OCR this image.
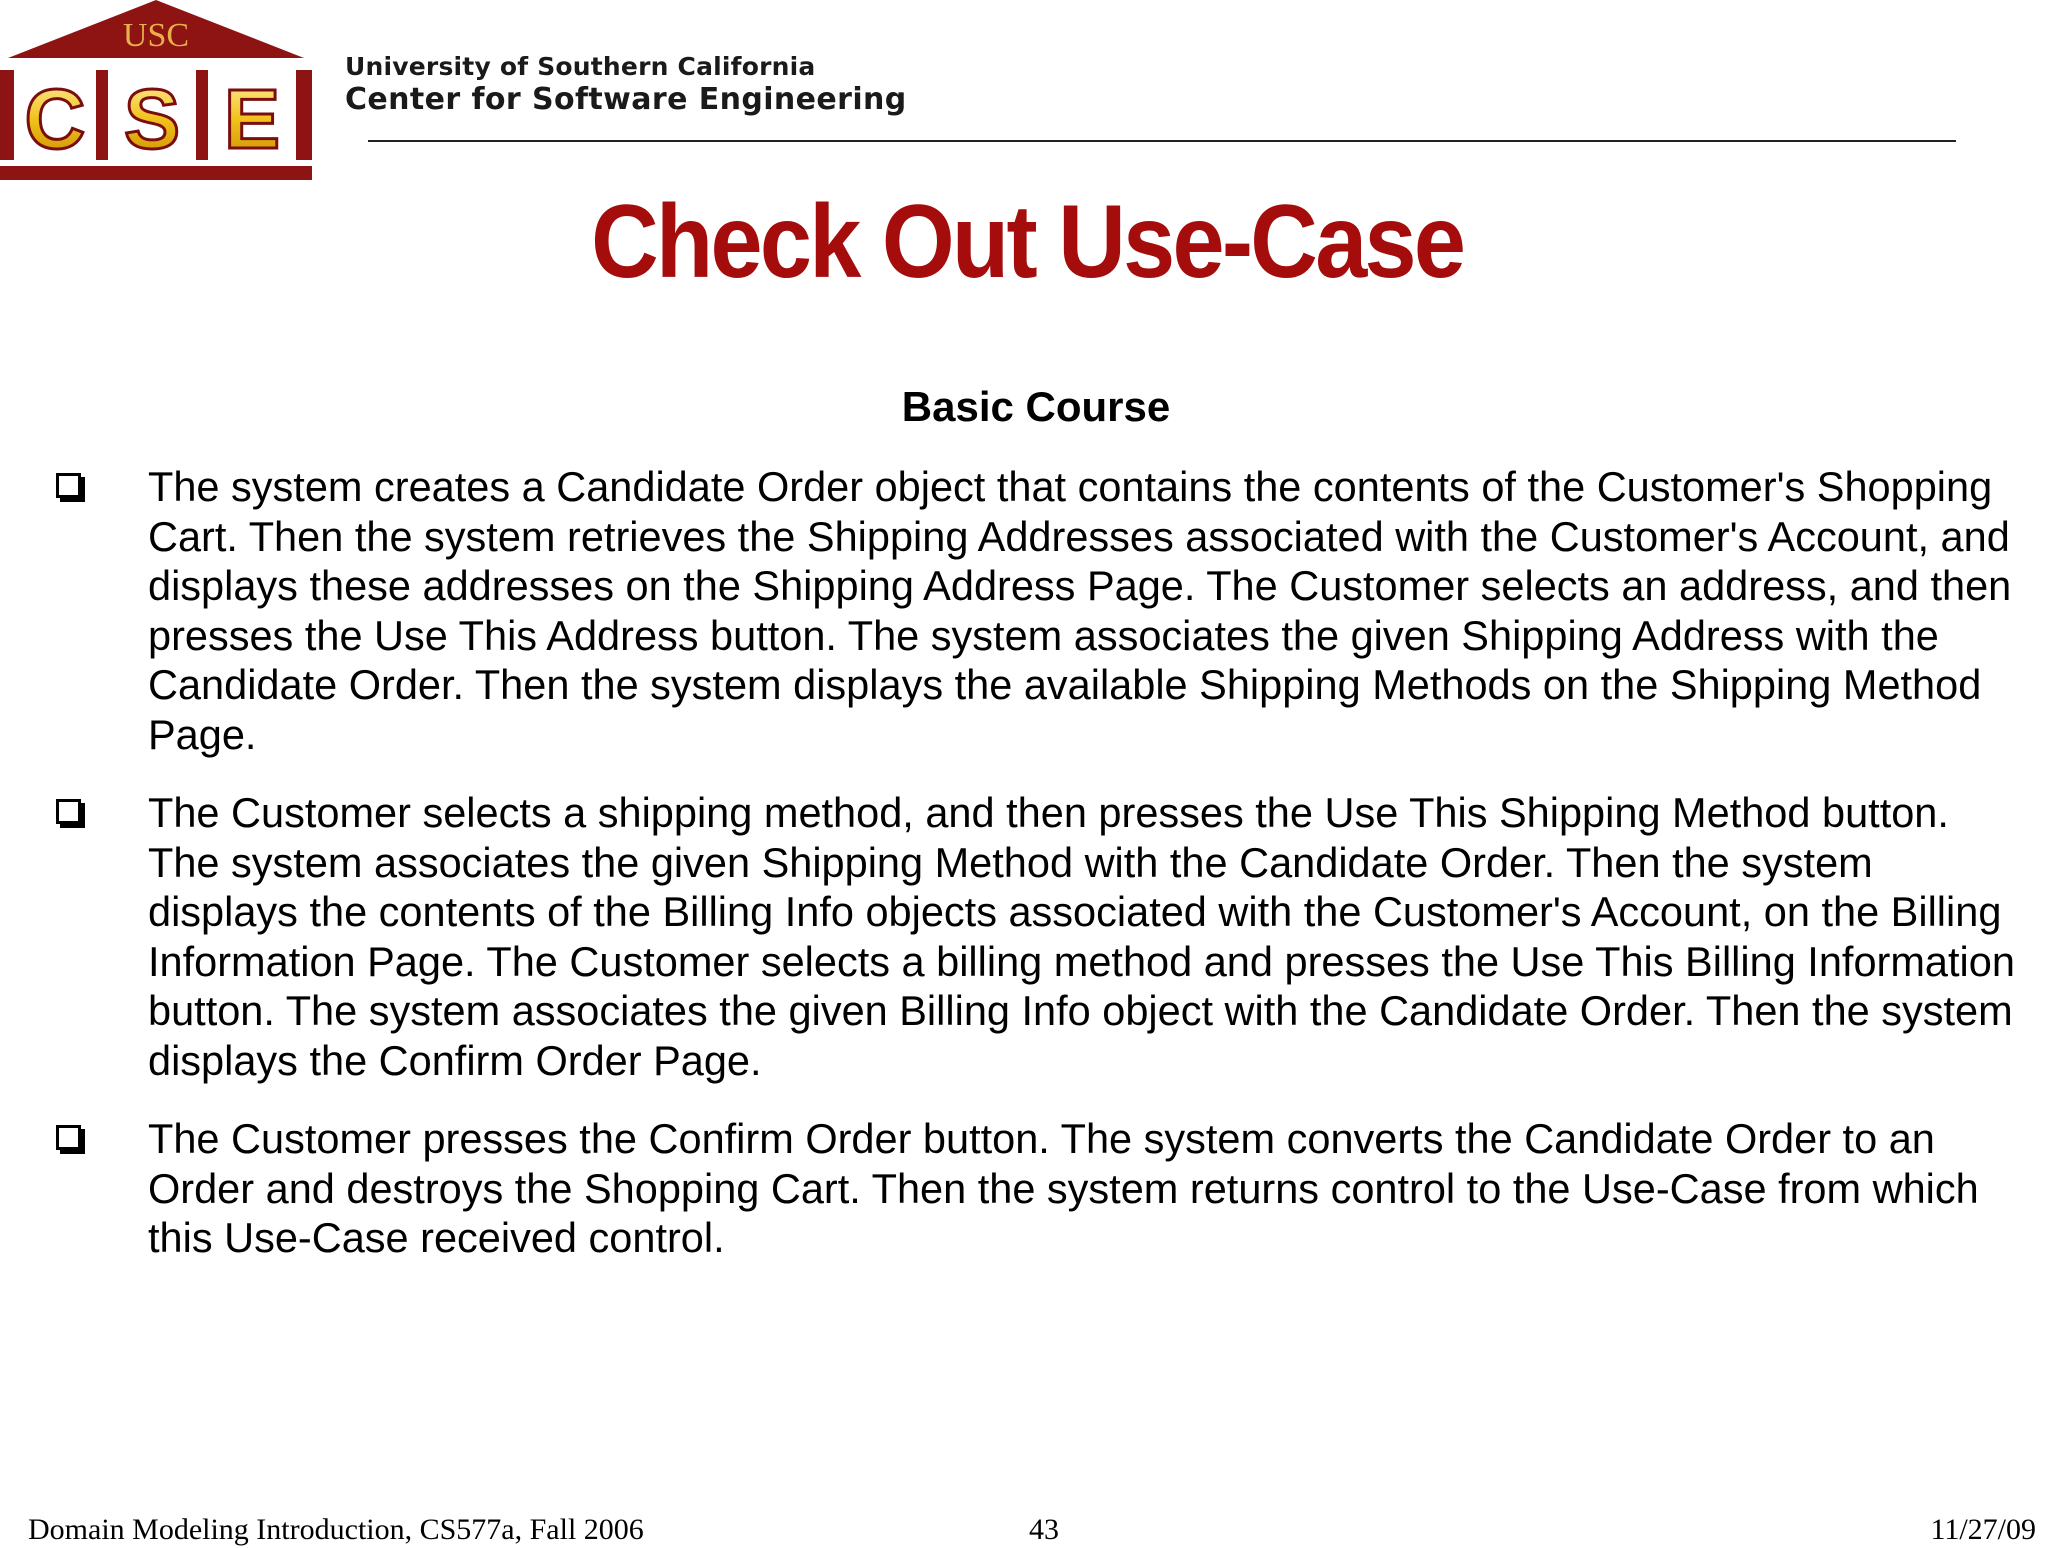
USC
C S E
University of Southern California
Center for Software Engineering
Check Out Use-Case
Basic Course
The system creates a Candidate Order object that contains the contents of the Customer's Shopping Cart. Then the system retrieves the Shipping Addresses associated with the Customer's Account, and displays these addresses on the Shipping Address Page. The Customer selects an address, and then presses the Use This Address button. The system associates the given Shipping Address with the Candidate Order. Then the system displays the available Shipping Methods on the Shipping Method Page.
The Customer selects a shipping method, and then presses the Use This Shipping Method button. The system associates the given Shipping Method with the Candidate Order. Then the system displays the contents of the Billing Info objects associated with the Customer's Account, on the Billing Information Page. The Customer selects a billing method and presses the Use This Billing Information button. The system associates the given Billing Info object with the Candidate Order. Then the system displays the Confirm Order Page.
The Customer presses the Confirm Order button. The system converts the Candidate Order to an Order and destroys the Shopping Cart. Then the system returns control to the Use-Case from which this Use-Case received control.
Domain Modeling Introduction, CS577a, Fall 2006	43	11/27/09
